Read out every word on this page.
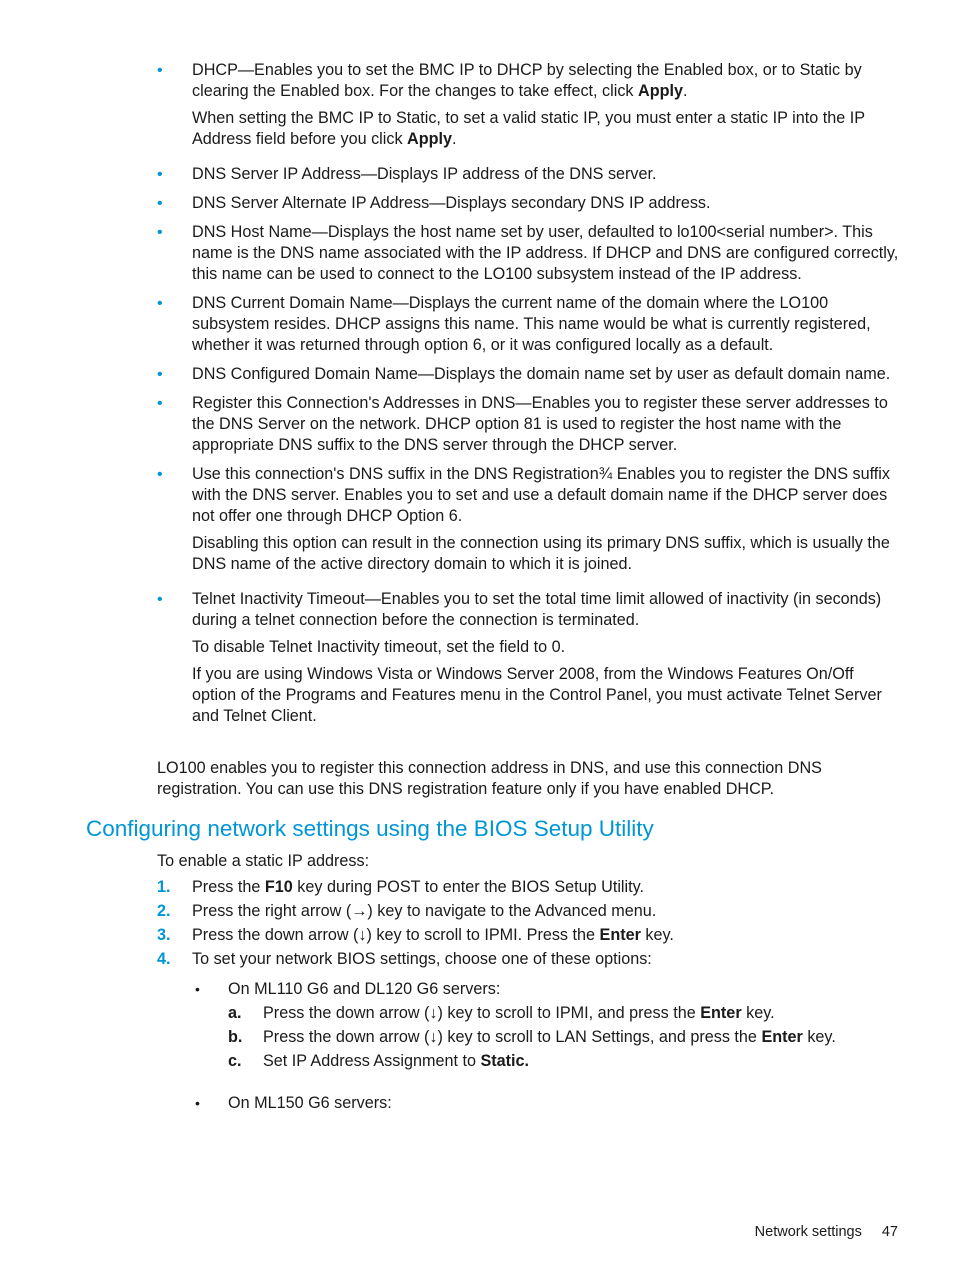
• DHCP—Enables you to set the BMC IP to DHCP by selecting the Enabled box, or to Static by clearing the Enabled box. For the changes to take effect, click Apply.

When setting the BMC IP to Static, to set a valid static IP, you must enter a static IP into the IP Address field before you click Apply.

• DNS Server IP Address—Displays IP address of the DNS server.

• DNS Server Alternate IP Address—Displays secondary DNS IP address.

• DNS Host Name—Displays the host name set by user, defaulted to lo100<serial number>. This name is the DNS name associated with the IP address. If DHCP and DNS are configured correctly, this name can be used to connect to the LO100 subsystem instead of the IP address.

• DNS Current Domain Name—Displays the current name of the domain where the LO100 subsystem resides. DHCP assigns this name. This name would be what is currently registered, whether it was returned through option 6, or it was configured locally as a default.

• DNS Configured Domain Name—Displays the domain name set by user as default domain name.

• Register this Connection's Addresses in DNS—Enables you to register these server addresses to the DNS Server on the network. DHCP option 81 is used to register the host name with the appropriate DNS suffix to the DNS server through the DHCP server.

• Use this connection's DNS suffix in the DNS Registration¾ Enables you to register the DNS suffix with the DNS server. Enables you to set and use a default domain name if the DHCP server does not offer one through DHCP Option 6.

Disabling this option can result in the connection using its primary DNS suffix, which is usually the DNS name of the active directory domain to which it is joined.

• Telnet Inactivity Timeout—Enables you to set the total time limit allowed of inactivity (in seconds) during a telnet connection before the connection is terminated.

To disable Telnet Inactivity timeout, set the field to 0.

If you are using Windows Vista or Windows Server 2008, from the Windows Features On/Off option of the Programs and Features menu in the Control Panel, you must activate Telnet Server and Telnet Client.

LO100 enables you to register this connection address in DNS, and use this connection DNS registration. You can use this DNS registration feature only if you have enabled DHCP.

Configuring network settings using the BIOS Setup Utility

To enable a static IP address:

1. Press the F10 key during POST to enter the BIOS Setup Utility.
2. Press the right arrow (→) key to navigate to the Advanced menu.
3. Press the down arrow (↓) key to scroll to IPMI. Press the Enter key.
4. To set your network BIOS settings, choose one of these options:
• On ML110 G6 and DL120 G6 servers:
a. Press the down arrow (↓) key to scroll to IPMI, and press the Enter key.
b. Press the down arrow (↓) key to scroll to LAN Settings, and press the Enter key.
c. Set IP Address Assignment to Static.
• On ML150 G6 servers:
Network settings 47
